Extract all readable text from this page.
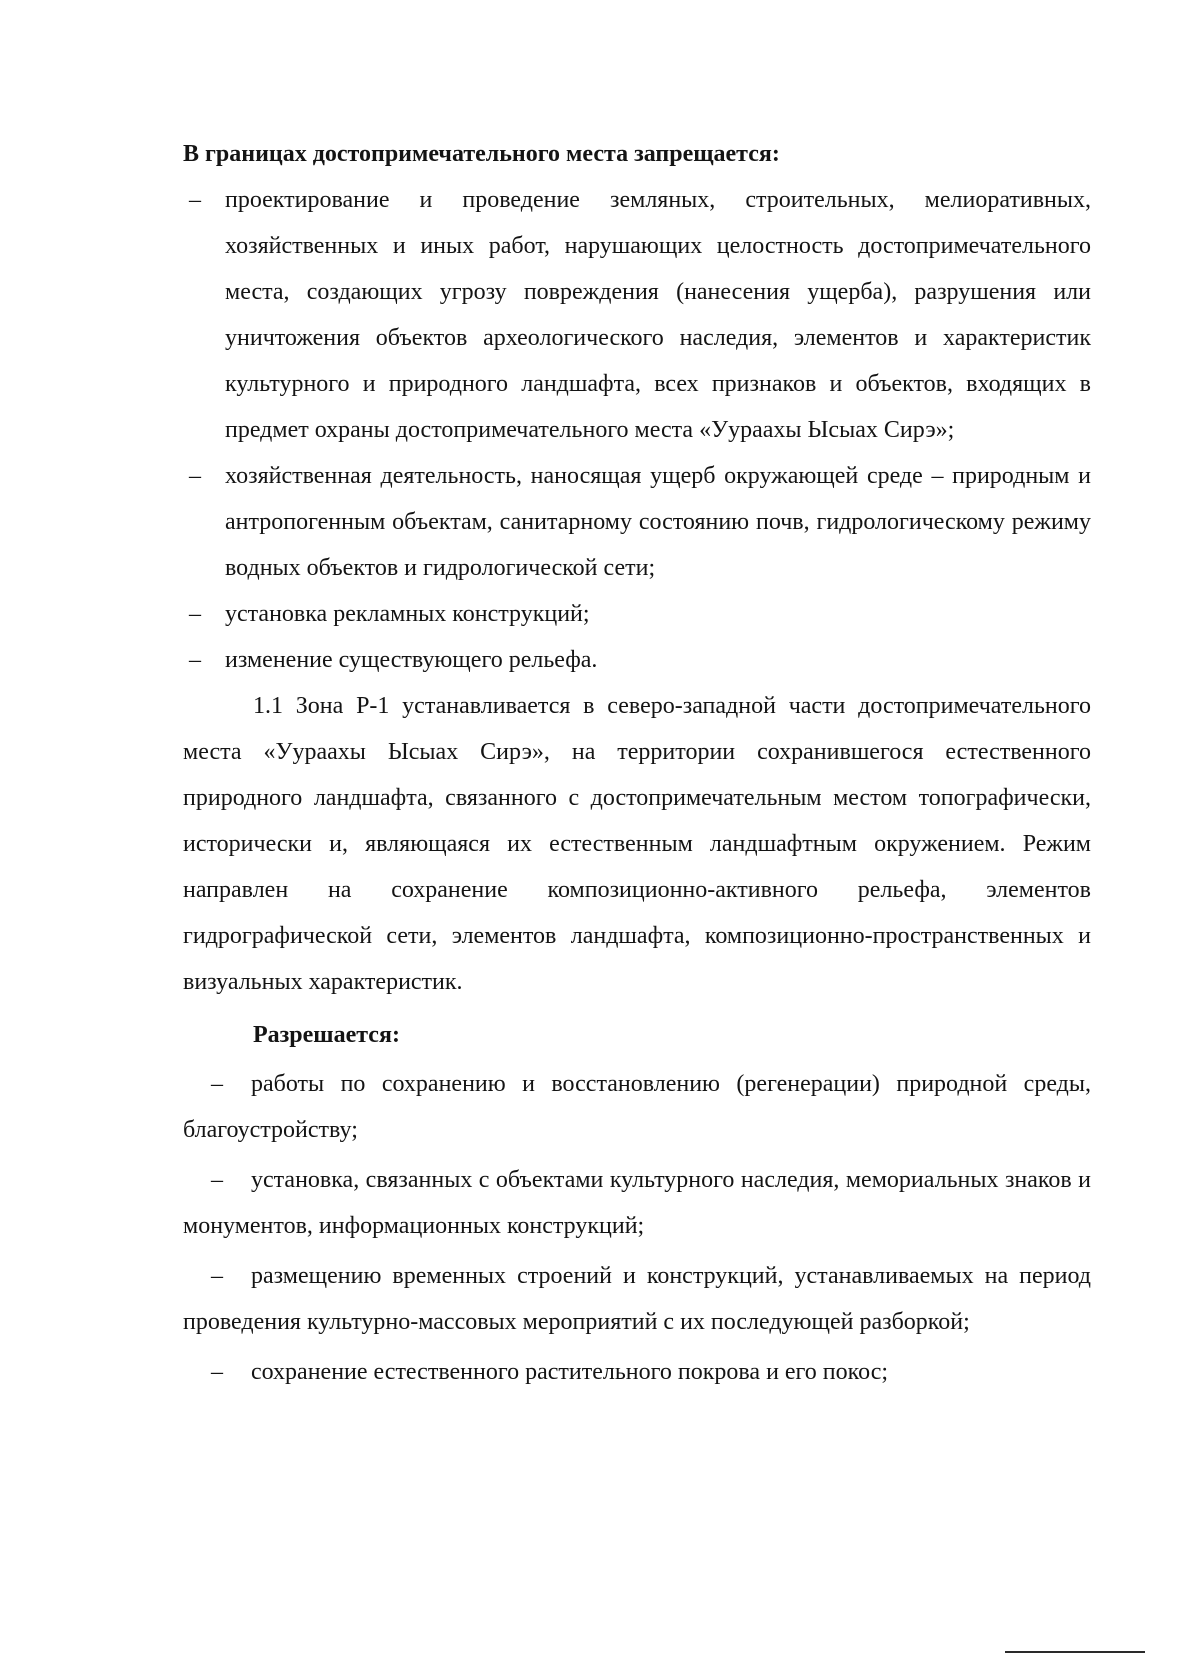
В границах достопримечательного места запрещается:

– проектирование и проведение земляных, строительных, мелиоративных, хозяйственных и иных работ, нарушающих целостность достопримечательного места, создающих угрозу повреждения (нанесения ущерба), разрушения или уничтожения объектов археологического наследия, элементов и характеристик культурного и природного ландшафта, всех признаков и объектов, входящих в предмет охраны достопримечательного места «Уураахы Ысыах Сирэ»;
– хозяйственная деятельность, наносящая ущерб окружающей среде – природным и антропогенным объектам, санитарному состоянию почв, гидрологическому режиму водных объектов и гидрологической сети;
– установка рекламных конструкций;
– изменение существующего рельефа.

1.1 Зона Р-1 устанавливается в северо-западной части достопримечательного места «Уураахы Ысыах Сирэ», на территории сохранившегося естественного природного ландшафта, связанного с достопримечательным местом топографически, исторически и, являющаяся их естественным ландшафтным окружением. Режим направлен на сохранение композиционно-активного рельефа, элементов гидрографической сети, элементов ландшафта, композиционно-пространственных и визуальных характеристик.

Разрешается:

– работы по сохранению и восстановлению (регенерации) природной среды, благоустройству;

– установка, связанных с объектами культурного наследия, мемориальных знаков и монументов, информационных конструкций;

– размещению временных строений и конструкций, устанавливаемых на период проведения культурно-массовых мероприятий с их последующей разборкой;

– сохранение естественного растительного покрова и его покос;
